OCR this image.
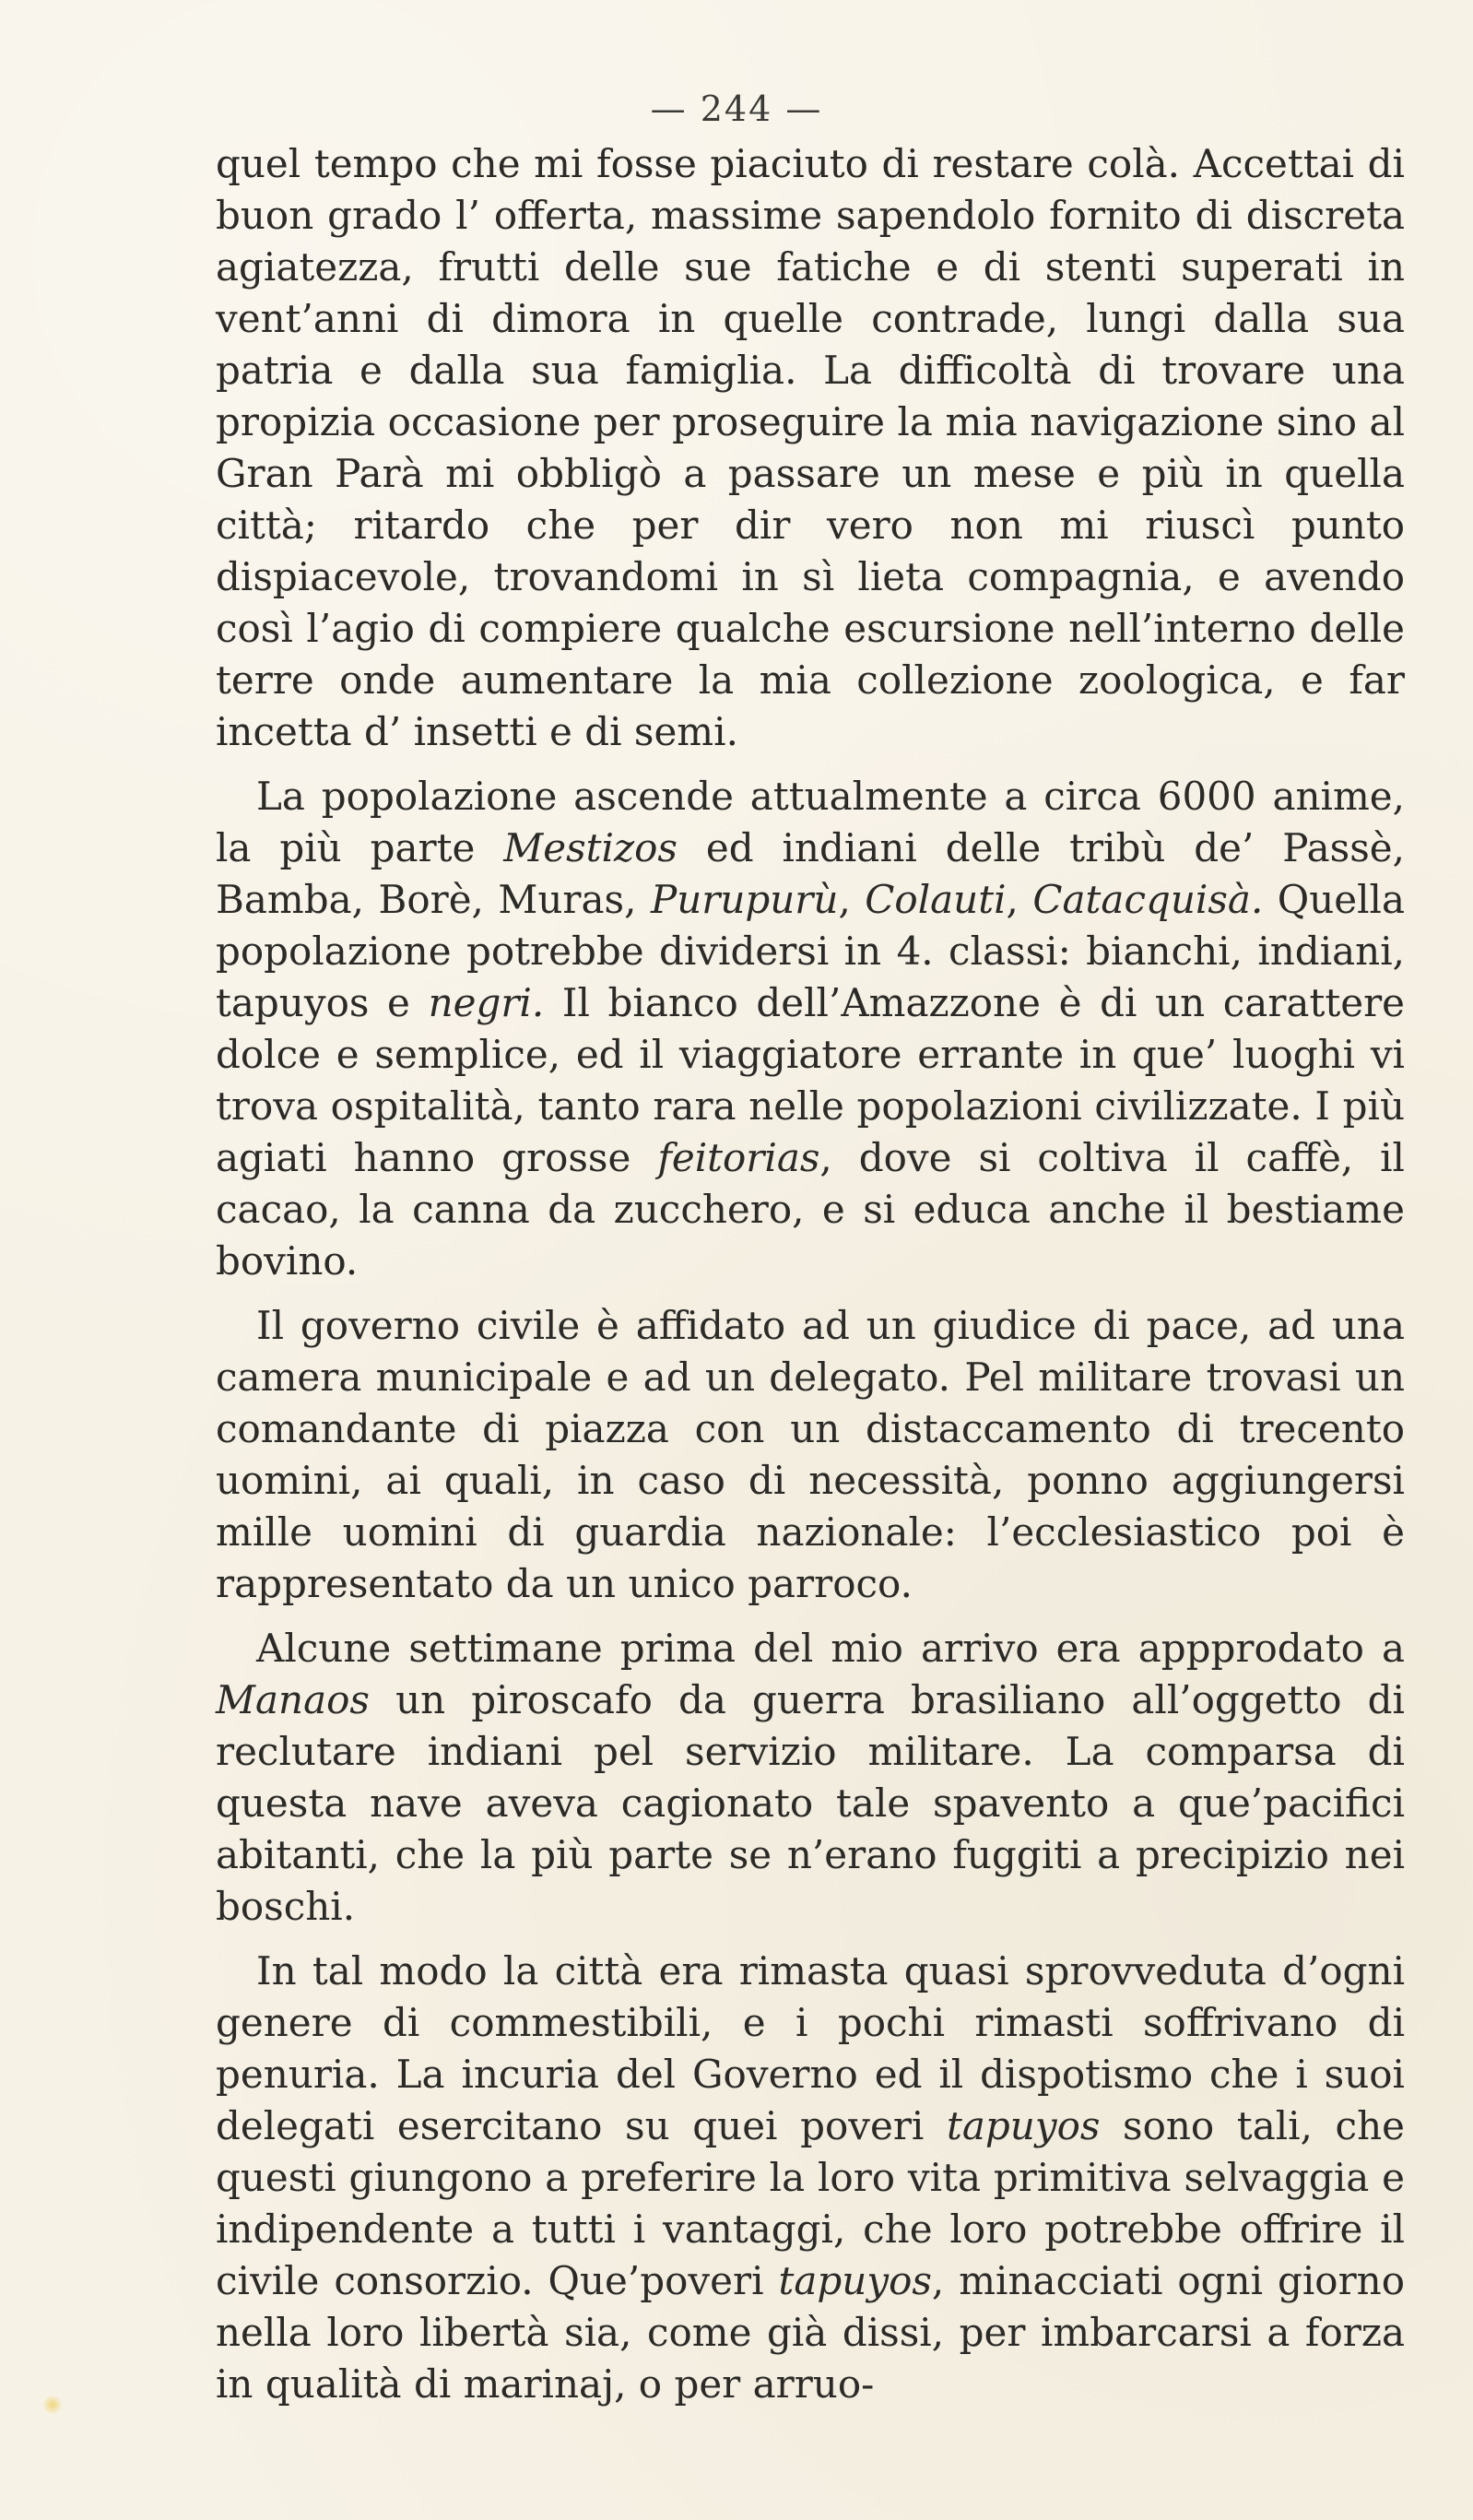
— 244 —

quel tempo che mi fosse piaciuto di restare colà. Accettai di buon grado l’ offerta, massime sapendolo fornito di discreta agiatezza, frutti delle sue fatiche e di stenti superati in vent’anni di dimora in quelle contrade, lungi dalla sua patria e dalla sua famiglia. La difficoltà di trovare una propizia occasione per proseguire la mia navigazione sino al Gran Parà mi obbligò a passare un mese e più in quella città; ritardo che per dir vero non mi riuscì punto dispiacevole, trovandomi in sì lieta compagnia, e avendo così l’agio di compiere qualche escursione nell’interno delle terre onde aumentare la mia collezione zoologica, e far incetta d’ insetti e di semi.

La popolazione ascende attualmente a circa 6000 anime, la più parte Mestizos ed indiani delle tribù de’ Passè, Bamba, Borè, Muras, Purupurù, Colauti, Catacquisà. Quella popolazione potrebbe dividersi in 4. classi: bianchi, indiani, tapuyos e negri. Il bianco dell’Amazzone è di un carattere dolce e semplice, ed il viaggiatore errante in que’ luoghi vi trova ospitalità, tanto rara nelle popolazioni civilizzate. I più agiati hanno grosse feitorias, dove si coltiva il caffè, il cacao, la canna da zucchero, e si educa anche il bestiame bovino.

Il governo civile è affidato ad un giudice di pace, ad una camera municipale e ad un delegato. Pel militare trovasi un comandante di piazza con un distaccamento di trecento uomini, ai quali, in caso di necessità, ponno aggiungersi mille uomini di guardia nazionale: l’ecclesiastico poi è rappresentato da un unico parroco.

Alcune settimane prima del mio arrivo era appprodato a Manaos un piroscafo da guerra brasiliano all’oggetto di reclutare indiani pel servizio militare. La comparsa di questa nave aveva cagionato tale spavento a que’pacifici abitanti, che la più parte se n’erano fuggiti a precipizio nei boschi.

In tal modo la città era rimasta quasi sprovveduta d’ogni genere di commestibili, e i pochi rimasti soffrivano di penuria. La incuria del Governo ed il dispotismo che i suoi delegati esercitano su quei poveri tapuyos sono tali, che questi giungono a preferire la loro vita primitiva selvaggia e indipendente a tutti i vantaggi, che loro potrebbe offrire il civile consorzio. Que’poveri tapuyos, minacciati ogni giorno nella loro libertà sia, come già dissi, per imbarcarsi a forza in qualità di marinaj, o per arruo-
